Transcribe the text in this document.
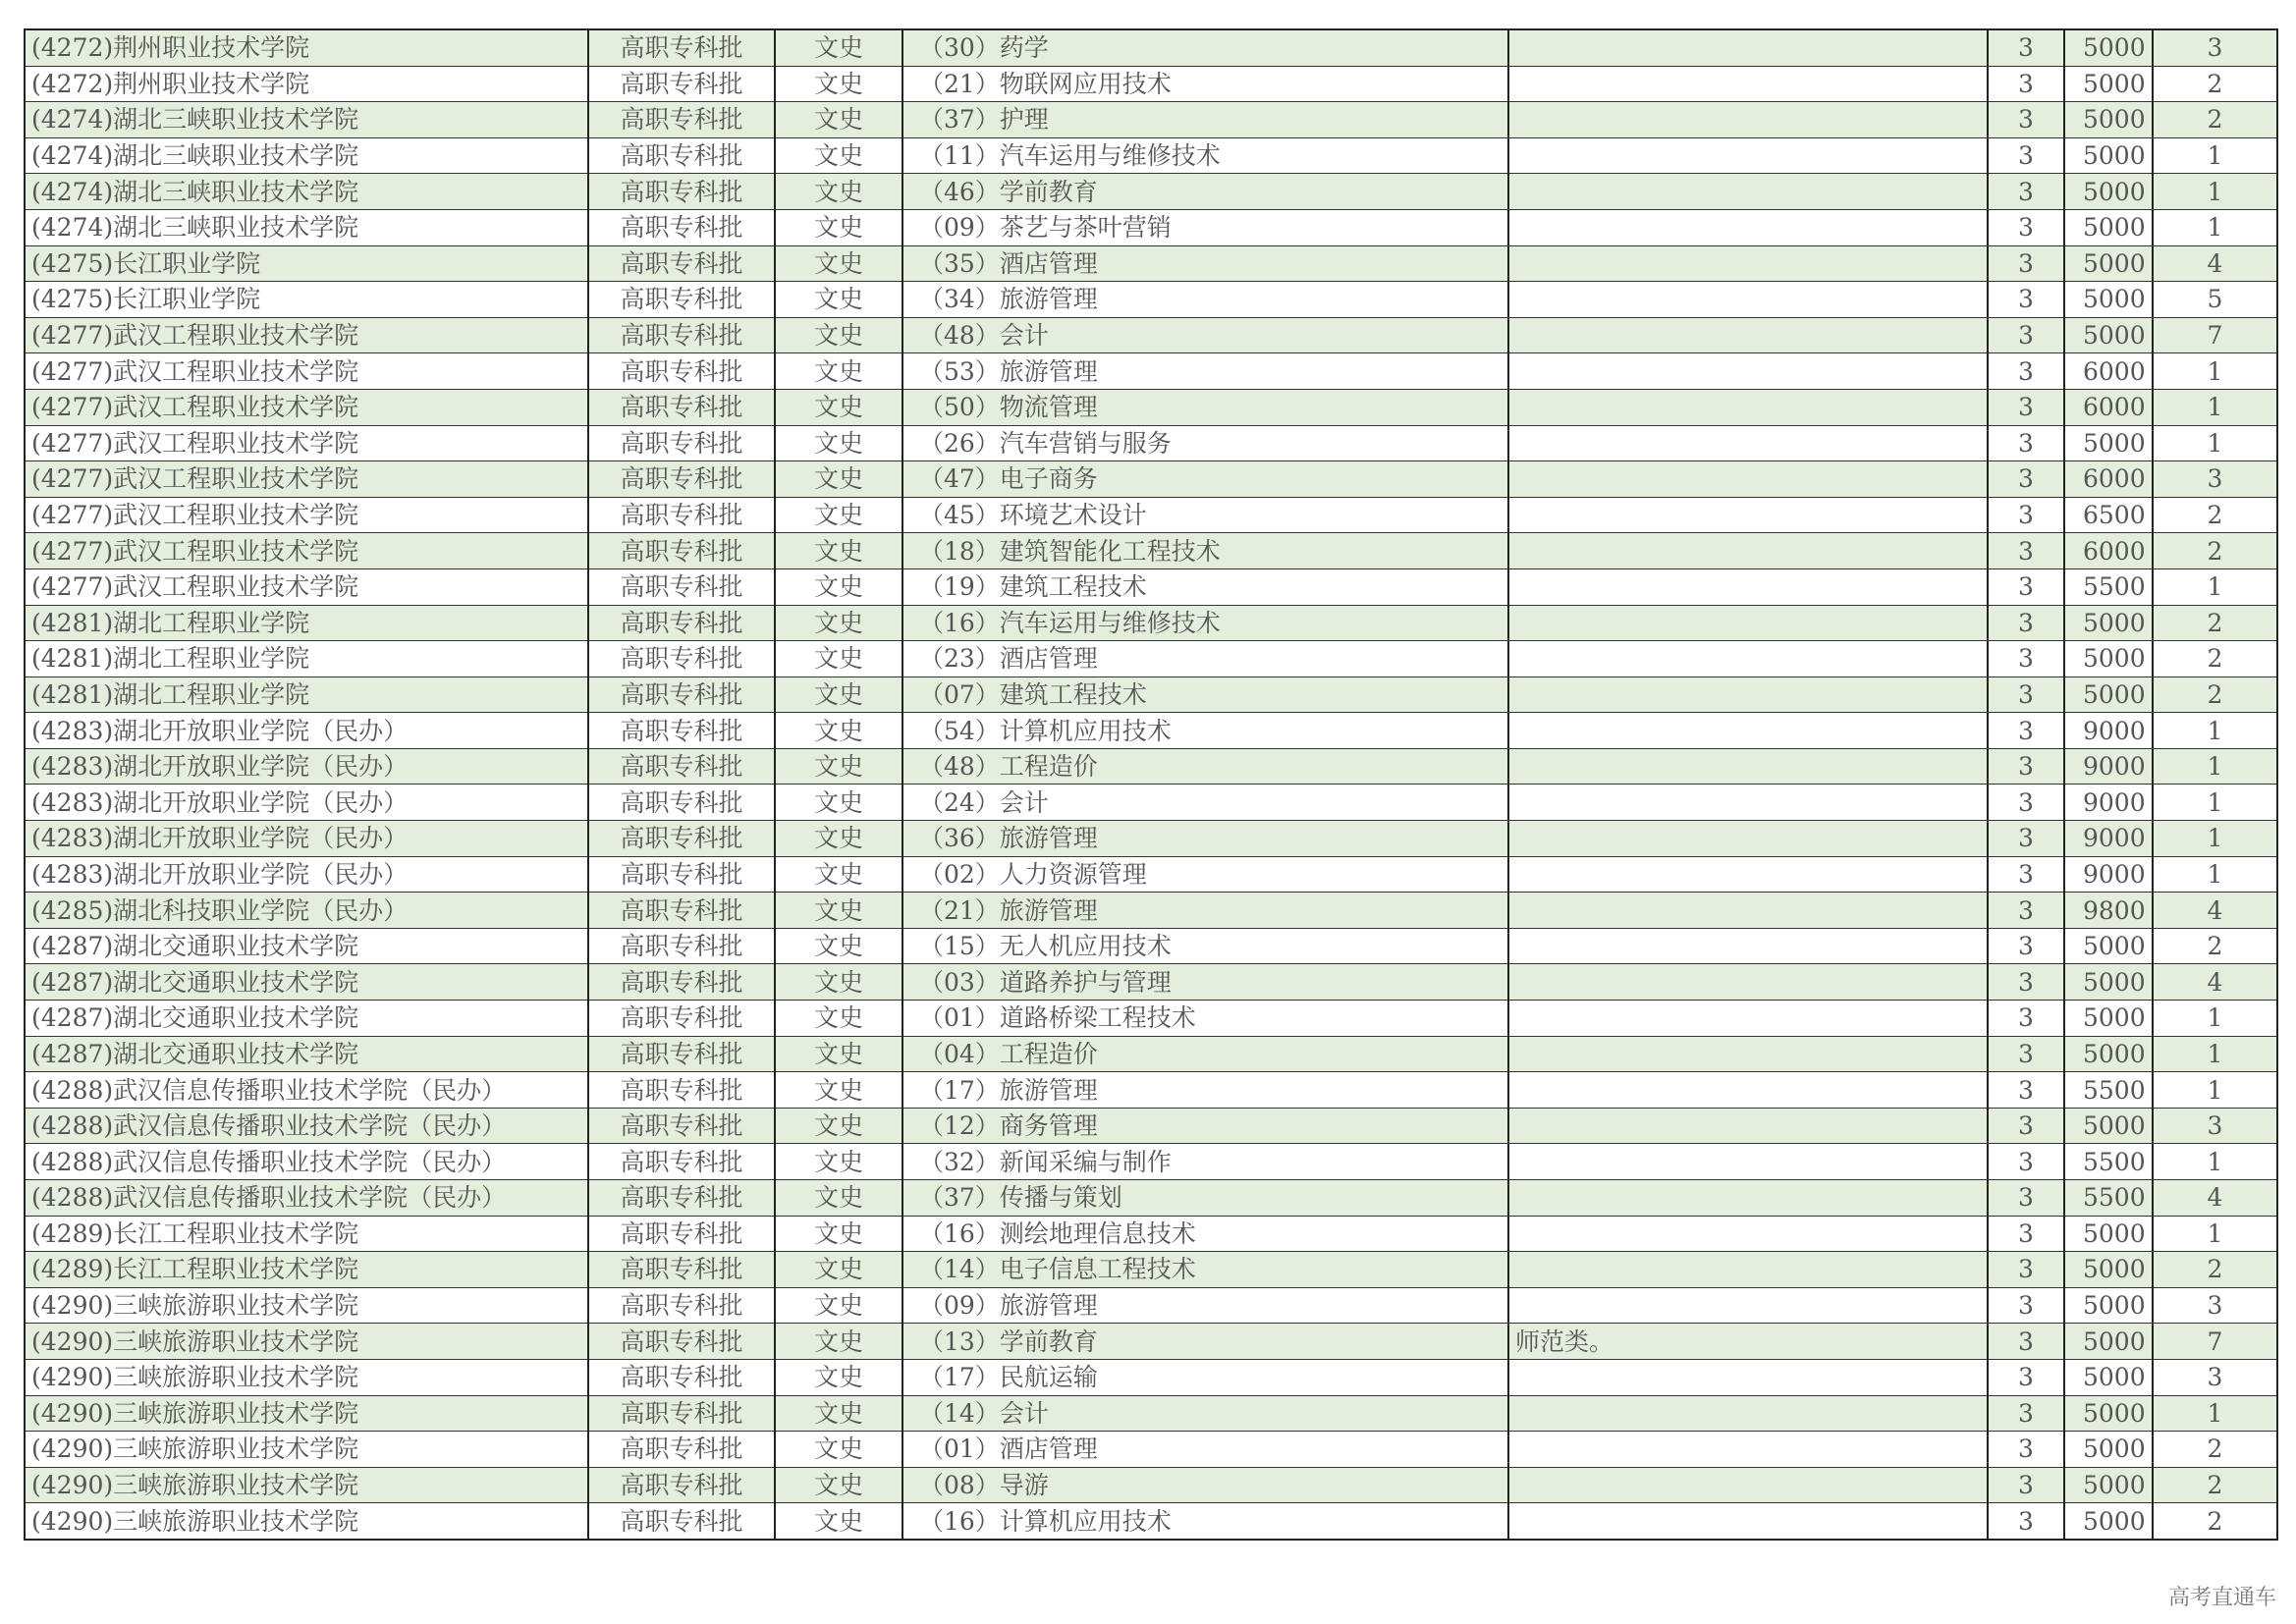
(4272)荆州职业技术学院	高职专科批	文史	（30）药学		3	5000	3
(4272)荆州职业技术学院	高职专科批	文史	（21）物联网应用技术		3	5000	2
(4274)湖北三峡职业技术学院	高职专科批	文史	（37）护理		3	5000	2
(4274)湖北三峡职业技术学院	高职专科批	文史	（11）汽车运用与维修技术		3	5000	1
(4274)湖北三峡职业技术学院	高职专科批	文史	（46）学前教育		3	5000	1
(4274)湖北三峡职业技术学院	高职专科批	文史	（09）茶艺与茶叶营销		3	5000	1
(4275)长江职业学院	高职专科批	文史	（35）酒店管理		3	5000	4
(4275)长江职业学院	高职专科批	文史	（34）旅游管理		3	5000	5
(4277)武汉工程职业技术学院	高职专科批	文史	（48）会计		3	5000	7
(4277)武汉工程职业技术学院	高职专科批	文史	（53）旅游管理		3	6000	1
(4277)武汉工程职业技术学院	高职专科批	文史	（50）物流管理		3	6000	1
(4277)武汉工程职业技术学院	高职专科批	文史	（26）汽车营销与服务		3	5000	1
(4277)武汉工程职业技术学院	高职专科批	文史	（47）电子商务		3	6000	3
(4277)武汉工程职业技术学院	高职专科批	文史	（45）环境艺术设计		3	6500	2
(4277)武汉工程职业技术学院	高职专科批	文史	（18）建筑智能化工程技术		3	6000	2
(4277)武汉工程职业技术学院	高职专科批	文史	（19）建筑工程技术		3	5500	1
(4281)湖北工程职业学院	高职专科批	文史	（16）汽车运用与维修技术		3	5000	2
(4281)湖北工程职业学院	高职专科批	文史	（23）酒店管理		3	5000	2
(4281)湖北工程职业学院	高职专科批	文史	（07）建筑工程技术		3	5000	2
(4283)湖北开放职业学院（民办）	高职专科批	文史	（54）计算机应用技术		3	9000	1
(4283)湖北开放职业学院（民办）	高职专科批	文史	（48）工程造价		3	9000	1
(4283)湖北开放职业学院（民办）	高职专科批	文史	（24）会计		3	9000	1
(4283)湖北开放职业学院（民办）	高职专科批	文史	（36）旅游管理		3	9000	1
(4283)湖北开放职业学院（民办）	高职专科批	文史	（02）人力资源管理		3	9000	1
(4285)湖北科技职业学院（民办）	高职专科批	文史	（21）旅游管理		3	9800	4
(4287)湖北交通职业技术学院	高职专科批	文史	（15）无人机应用技术		3	5000	2
(4287)湖北交通职业技术学院	高职专科批	文史	（03）道路养护与管理		3	5000	4
(4287)湖北交通职业技术学院	高职专科批	文史	（01）道路桥梁工程技术		3	5000	1
(4287)湖北交通职业技术学院	高职专科批	文史	（04）工程造价		3	5000	1
(4288)武汉信息传播职业技术学院（民办）	高职专科批	文史	（17）旅游管理		3	5500	1
(4288)武汉信息传播职业技术学院（民办）	高职专科批	文史	（12）商务管理		3	5000	3
(4288)武汉信息传播职业技术学院（民办）	高职专科批	文史	（32）新闻采编与制作		3	5500	1
(4288)武汉信息传播职业技术学院（民办）	高职专科批	文史	（37）传播与策划		3	5500	4
(4289)长江工程职业技术学院	高职专科批	文史	（16）测绘地理信息技术		3	5000	1
(4289)长江工程职业技术学院	高职专科批	文史	（14）电子信息工程技术		3	5000	2
(4290)三峡旅游职业技术学院	高职专科批	文史	（09）旅游管理		3	5000	3
(4290)三峡旅游职业技术学院	高职专科批	文史	（13）学前教育	师范类。	3	5000	7
(4290)三峡旅游职业技术学院	高职专科批	文史	（17）民航运输		3	5000	3
(4290)三峡旅游职业技术学院	高职专科批	文史	（14）会计		3	5000	1
(4290)三峡旅游职业技术学院	高职专科批	文史	（01）酒店管理		3	5000	2
(4290)三峡旅游职业技术学院	高职专科批	文史	（08）导游		3	5000	2
(4290)三峡旅游职业技术学院	高职专科批	文史	（16）计算机应用技术		3	5000	2
高考直通车
